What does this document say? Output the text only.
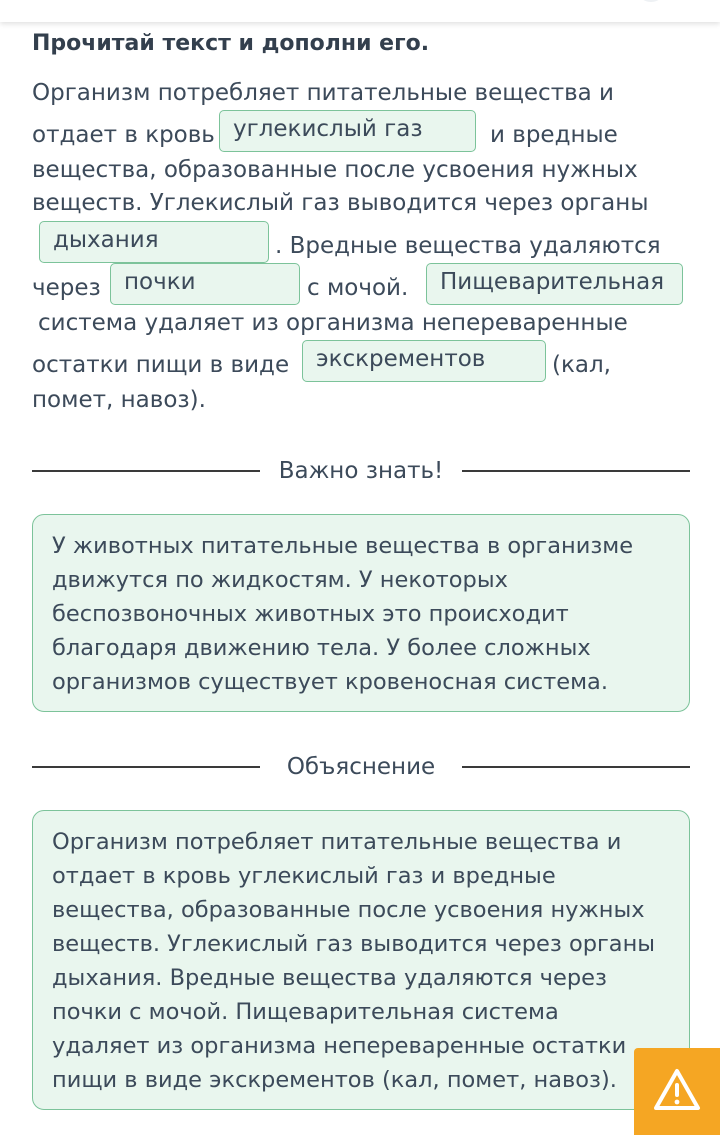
Прочитай текст и дополни его.

Организм потребляет питательные вещества и

отдает в кровь углекислый газ	и вредные

вещества, образованные после усвоения нужных

веществ. Углекислый газ выводится через органы

дыхания	. Вредные вещества удаляются

через	почки	с мочой.	Пищеварительная

система удаляет из организма непереваренные

остатки пищи в виде	экскрементов	(кал,

помет, навоз).

Важно знать!

У животных питательные вещества в организме

движутся по жидкостям. У некоторых

беспозвоночных животных это происходит

благодаря движению тела. У более сложных

организмов существует кровеносная система.

Объяснение

Организм потребляет питательные вещества и

отдает в кровь углекислый газ и вредные

вещества, образованные после усвоения нужных

веществ. Углекислый газ выводится через органы

дыхания. Вредные вещества удаляются через

почки с мочой. Пищеварительная система

удаляет из организма непереваренные остатки

пищи в виде экскрементов (кал, помет, навоз).
